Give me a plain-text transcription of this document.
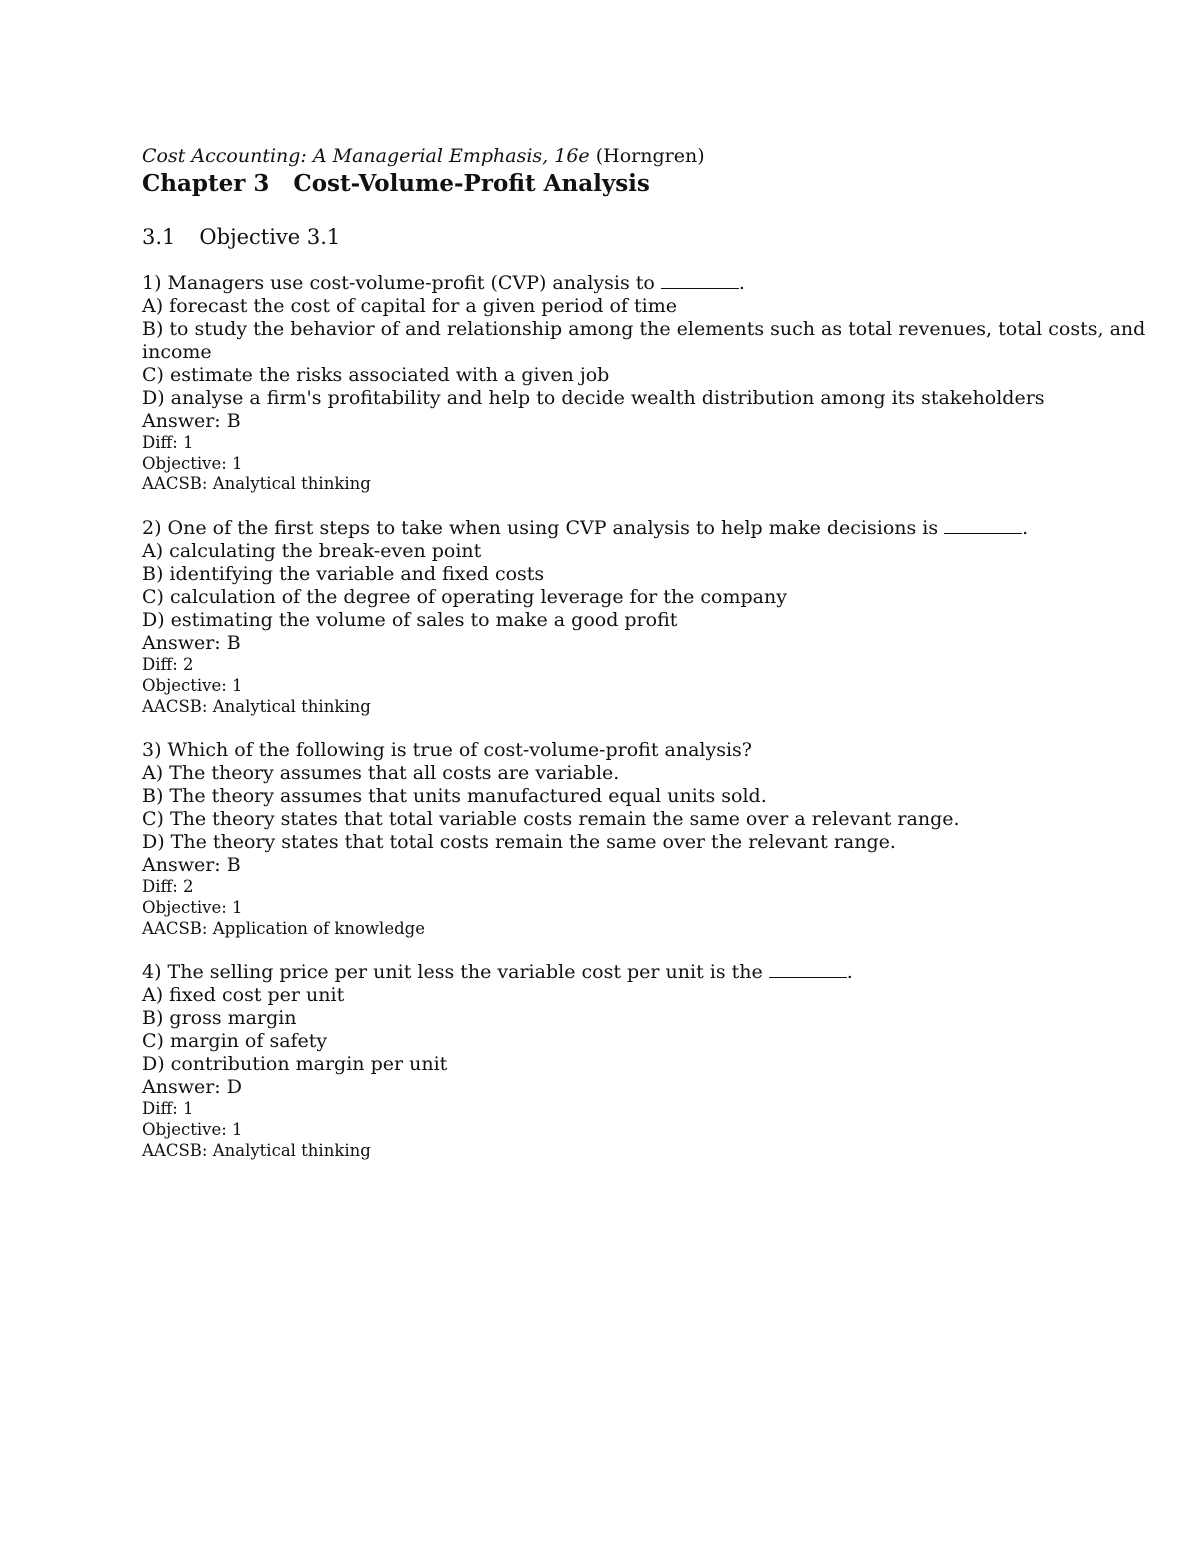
Cost Accounting: A Managerial Emphasis, 16e (Horngren)

Chapter 3 Cost-Volume-Profit Analysis

3.1 Objective 3.1

1) Managers use cost-volume-profit (CVP) analysis to	.

A) forecast the cost of capital for a given period of time

B) to study the behavior of and relationship among the elements such as total revenues, total costs, and income

C) estimate the risks associated with a given job

D) analyse a firm's profitability and help to decide wealth distribution among its stakeholders

Answer: B

Diff: 1

Objective: 1

AACSB: Analytical thinking

2) One of the first steps to take when using CVP analysis to help make decisions is	.

A) calculating the break-even point

B) identifying the variable and fixed costs

C) calculation of the degree of operating leverage for the company

D) estimating the volume of sales to make a good profit

Answer: B

Diff: 2

Objective: 1

AACSB: Analytical thinking

3) Which of the following is true of cost-volume-profit analysis?

A) The theory assumes that all costs are variable.

B) The theory assumes that units manufactured equal units sold.

C) The theory states that total variable costs remain the same over a relevant range.

D) The theory states that total costs remain the same over the relevant range.

Answer: B

Diff: 2

Objective: 1

AACSB: Application of knowledge

4) The selling price per unit less the variable cost per unit is the	.

A) fixed cost per unit

B) gross margin

C) margin of safety

D) contribution margin per unit

Answer: D

Diff: 1

Objective: 1

AACSB: Analytical thinking
